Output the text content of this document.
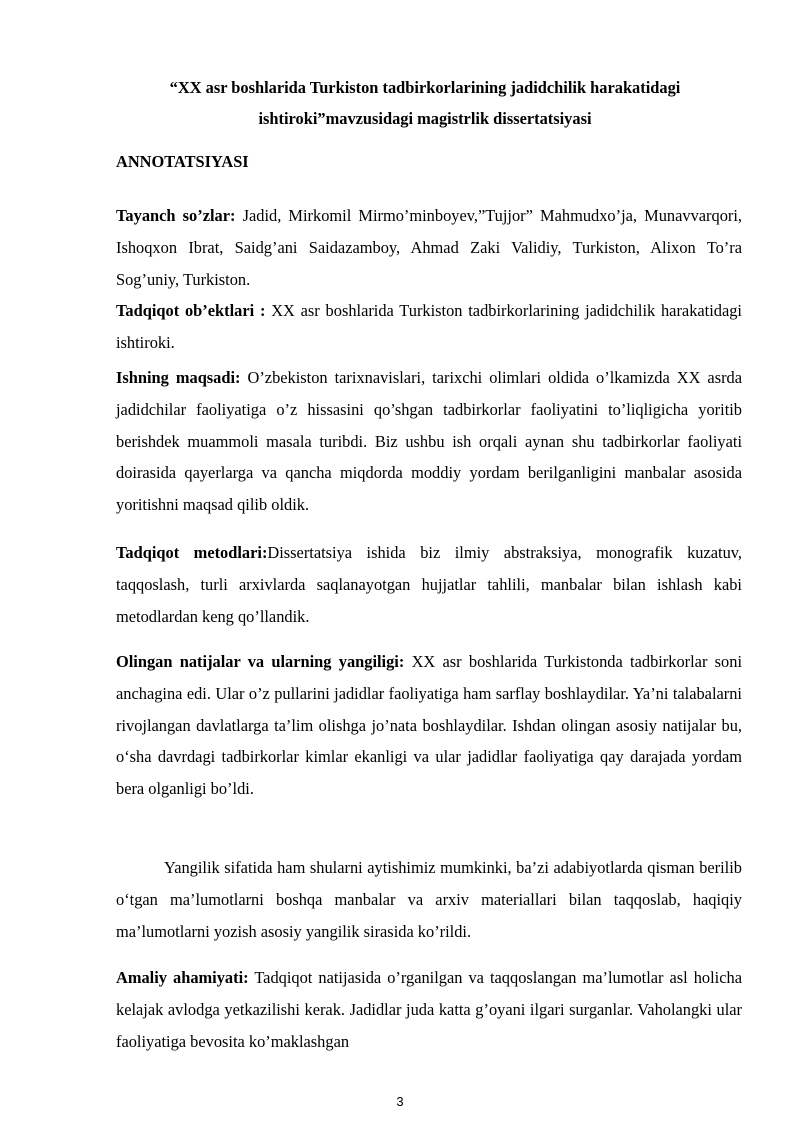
“XX asr boshlarida Turkiston tadbirkorlarining jadidchilik harakatidagi
ishtiroki”mavzusidagi magistrlik dissertatsiyasi
ANNOTATSIYASI
Tayanch so’zlar: Jadid, Mirkomil Mirmo’minboyev,”Tujjor” Mahmudxo’ja, Munavvarqori, Ishoqxon Ibrat, Saidg’ani Saidazamboy, Ahmad Zaki Validiy, Turkiston, Alixon To’ra Sog’uniy, Turkiston.
Tadqiqot ob’ektlari : XX asr boshlarida Turkiston tadbirkorlarining jadidchilik harakatidagi ishtiroki.
Ishning maqsadi: O’zbekiston tarixnavislari, tarixchi olimlari oldida o’lkamizda XX asrda jadidchilar faoliyatiga o’z hissasini qo’shgan tadbirkorlar faoliyatini to’liqligicha yoritib berishdek muammoli masala turibdi. Biz ushbu ish orqali aynan shu tadbirkorlar faoliyati doirasida qayerlarga va qancha miqdorda moddiy yordam berilganligini manbalar asosida yoritishni maqsad qilib oldik.
Tadqiqot metodlari:Dissertatsiya ishida biz ilmiy abstraksiya, monografik kuzatuv, taqqoslash, turli arxivlarda saqlanayotgan hujjatlar tahlili, manbalar bilan ishlash kabi metodlardan keng qo’llandik.
Olingan natijalar va ularning yangiligi: XX asr boshlarida Turkistonda tadbirkorlar soni anchagina edi. Ular o’z pullarini jadidlar faoliyatiga ham sarflay boshlaydilar. Ya’ni talabalarni rivojlangan davlatlarga ta’lim olishga jo’nata boshlaydilar. Ishdan olingan asosiy natijalar bu, o‘sha davrdagi tadbirkorlar kimlar ekanligi va ular jadidlar faoliyatiga qay darajada yordam bera olganligi bo’ldi.
Yangilik sifatida ham shularni aytishimiz mumkinki, ba’zi adabiyotlarda qisman berilib o‘tgan ma’lumotlarni boshqa manbalar va arxiv materiallari bilan taqqoslab, haqiqiy ma’lumotlarni yozish asosiy yangilik sirasida ko’rildi.
Amaliy ahamiyati: Tadqiqot natijasida o’rganilgan va taqqoslangan ma’lumotlar asl holicha kelajak avlodga yetkazilishi kerak. Jadidlar juda katta g’oyani ilgari surganlar. Vaholangki ular faoliyatiga bevosita ko’maklashgan
3
